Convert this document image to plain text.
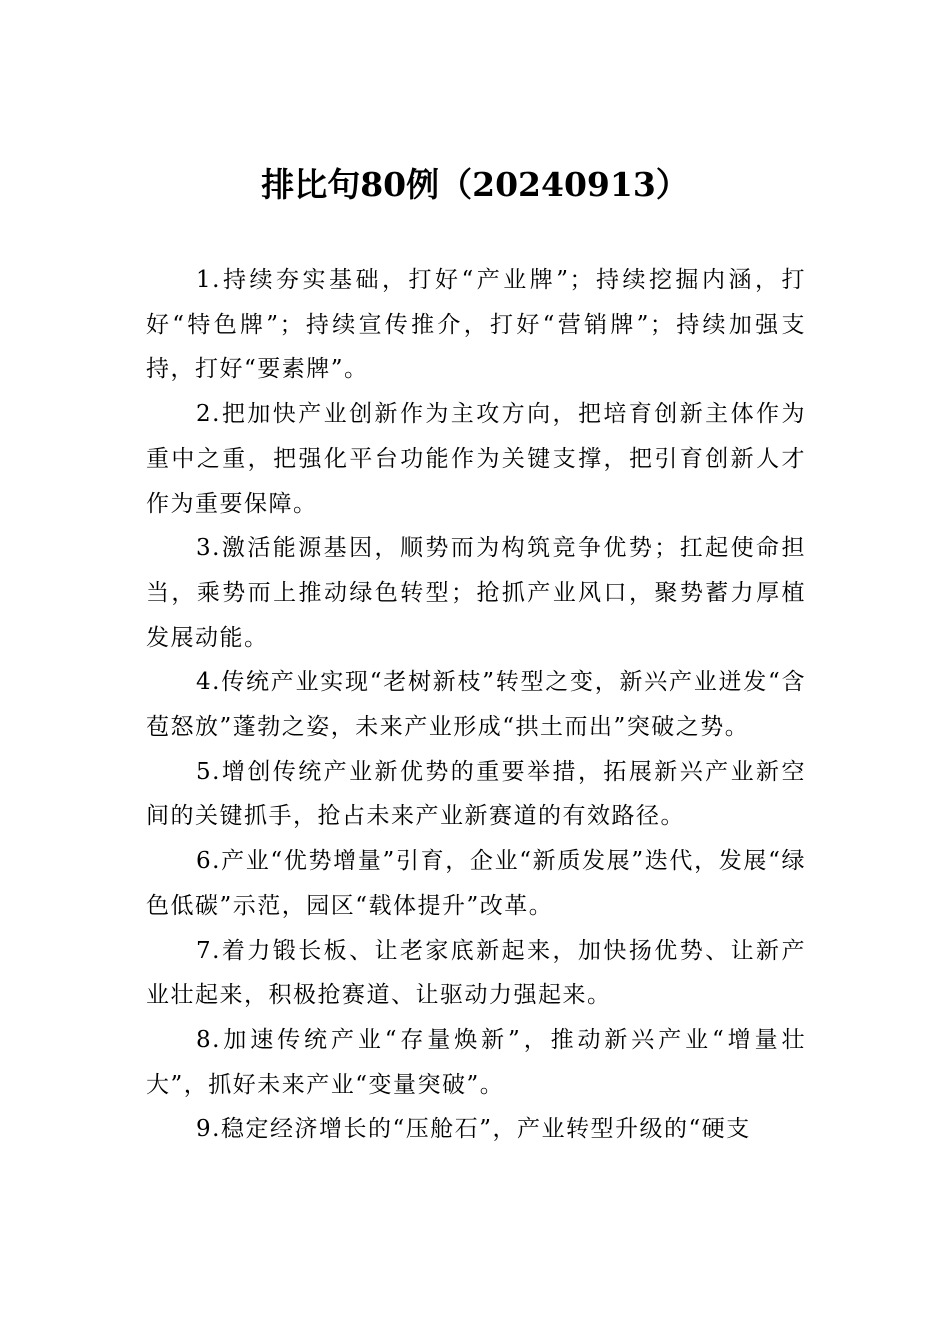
排比句80例（20240913）

1.持续夯实基础，打好“产业牌”；持续挖掘内涵，打好“特色牌”；持续宣传推介，打好“营销牌”；持续加强支持，打好“要素牌”。

2.把加快产业创新作为主攻方向，把培育创新主体作为重中之重，把强化平台功能作为关键支撑，把引育创新人才作为重要保障。

3.激活能源基因，顺势而为构筑竞争优势；扛起使命担当，乘势而上推动绿色转型；抢抓产业风口，聚势蓄力厚植发展动能。

4.传统产业实现“老树新枝”转型之变，新兴产业迸发“含苞怒放”蓬勃之姿，未来产业形成“拱土而出”突破之势。

5.增创传统产业新优势的重要举措，拓展新兴产业新空间的关键抓手，抢占未来产业新赛道的有效路径。

6.产业“优势增量”引育，企业“新质发展”迭代，发展“绿色低碳”示范，园区“载体提升”改革。

7.着力锻长板、让老家底新起来，加快扬优势、让新产业壮起来，积极抢赛道、让驱动力强起来。

8.加速传统产业“存量焕新”，推动新兴产业“增量壮大”，抓好未来产业“变量突破”。

9.稳定经济增长的“压舱石”，产业转型升级的“硬支
